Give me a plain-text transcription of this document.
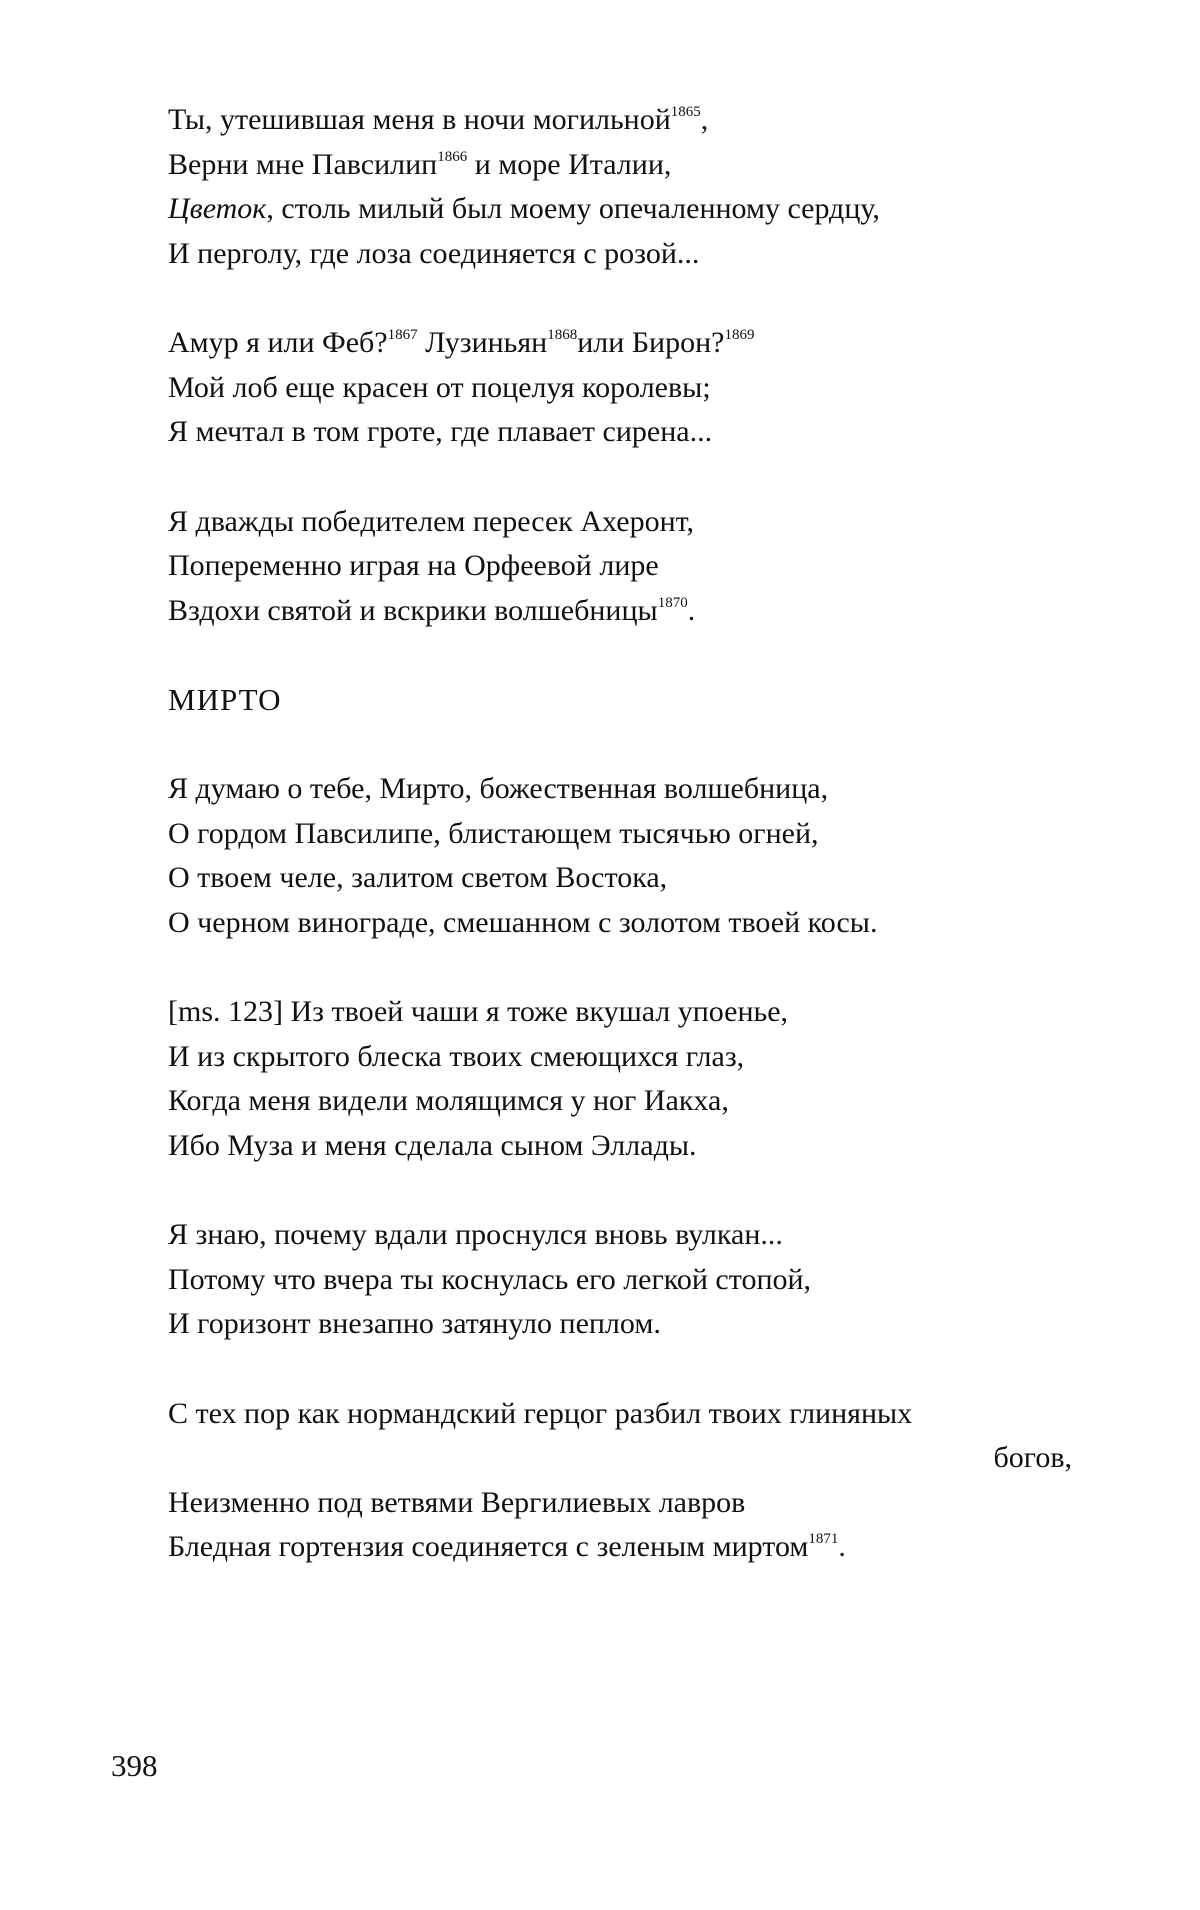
Ты, утешившая меня в ночи могильной$^{1865}$,
Верни мне Павсилип$^{1866}$ и море Италии,
Цветок, столь милый был моему опечаленному сердцу,
И перголу, где лоза соединяется с розой...
Амур я или Феб?$^{1867}$ Лузиньян$^{1868}$или Бирон?$^{1869}$
Мой лоб еще красен от поцелуя королевы;
Я мечтал в том гроте, где плавает сирена...
Я дважды победителем пересек Ахеронт,
Попеременно играя на Орфеевой лире
Вздохи святой и вскрики волшебницы$^{1870}$.
МИРТО
Я думаю о тебе, Мирто, божественная волшебница,
О гордом Павсилипе, блистающем тысячью огней,
О твоем челе, залитом светом Востока,
О черном винограде, смешанном с золотом твоей косы.
[ms. 123] Из твоей чаши я тоже вкушал упоенье,
И из скрытого блеска твоих смеющихся глаз,
Когда меня видели молящимся у ног Иакха,
Ибо Муза и меня сделала сыном Эллады.
Я знаю, почему вдали проснулся вновь вулкан...
Потому что вчера ты коснулась его легкой стопой,
И горизонт внезапно затянуло пеплом.
С тех пор как нормандский герцог разбил твоих глиняных
богов,
Неизменно под ветвями Вергилиевых лавров
Бледная гортензия соединяется с зеленым миртом$^{1871}$.
398
